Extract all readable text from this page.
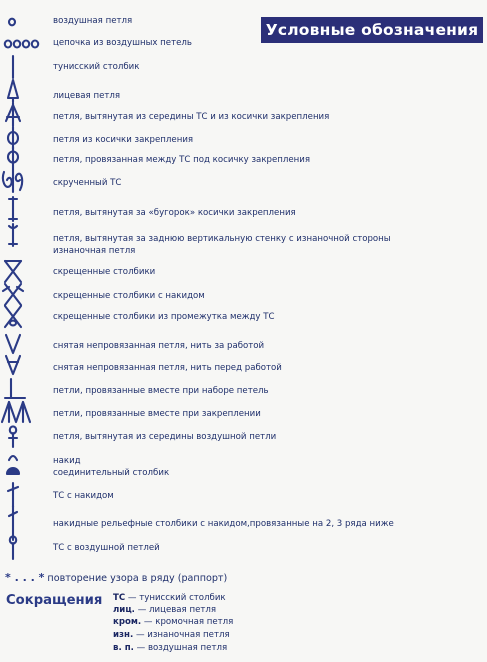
Условные обозначения
воздушная петля
цепочка из воздушных петель
тунисский столбик
лицевая петля
петля, вытянутая из середины ТС и из косички закрепления
петля из косички закрепления
петля, провязанная между ТС под косичку закрепления
скрученный ТС
петля, вытянутая за «бугорок» косички закрепления
петля, вытянутая за заднюю вертикальную стенку с изнаночной стороны
изнаночная петля
скрещенные столбики
скрещенные столбики с накидом
скрещенные столбики из промежутка между ТС
снятая непровязанная петля, нить за работой
снятая непровязанная петля, нить перед работой
петли, провязанные вместе при наборе петель
петли, провязанные вместе при закреплении
петля, вытянутая из середины воздушной петли
накид
соединительный столбик
ТС с накидом
накидные рельефные столбики с накидом,провязанные на 2, 3 ряда ниже
ТС с воздушной петлей
* . . . * повторение узора в ряду (раппорт)
Сокращения ТС — тунисский столбик
лиц. — лицевая петля
кром. — кромочная петля
изн. — изнаночная петля
в. п. — воздушная петля
